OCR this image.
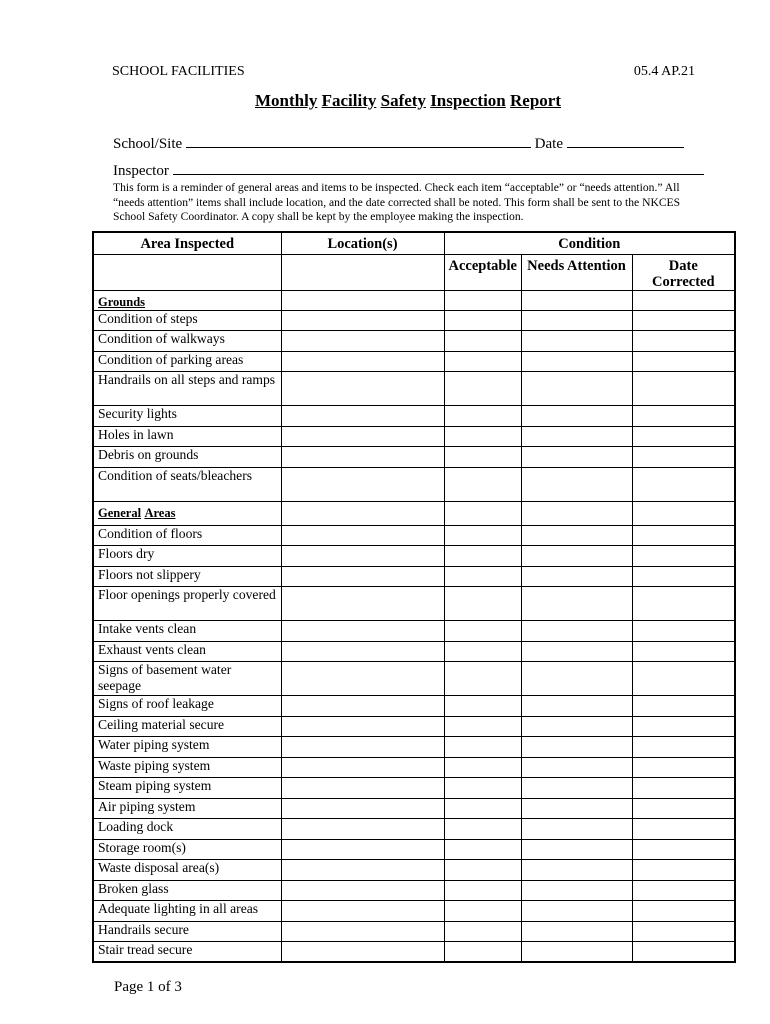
SCHOOL FACILITIES	05.4 AP.21
Monthly Facility Safety Inspection Report
School/Site	Date
Inspector
This form is a reminder of general areas and items to be inspected. Check each item “acceptable” or “needs attention.” All “needs attention” items shall include location, and the date corrected shall be noted. This form shall be sent to the NKCES School Safety Coordinator. A copy shall be kept by the employee making the inspection.
Area Inspected	Location(s)	Condition		
		Acceptable	Needs Attention	Date Corrected
Grounds				
Condition of steps				
Condition of walkways				
Condition of parking areas				
Handrails on all steps and ramps				
Security lights				
Holes in lawn				
Debris on grounds				
Condition of seats/bleachers				
General Areas				
Condition of floors				
Floors dry				
Floors not slippery				
Floor openings properly covered				
Intake vents clean				
Exhaust vents clean				
Signs of basement water seepage				
Signs of roof leakage				
Ceiling material secure				
Water piping system				
Waste piping system				
Steam piping system				
Air piping system				
Loading dock				
Storage room(s)				
Waste disposal area(s)				
Broken glass				
Adequate lighting in all areas				
Handrails secure				
Stair tread secure				
Page 1 of 3
